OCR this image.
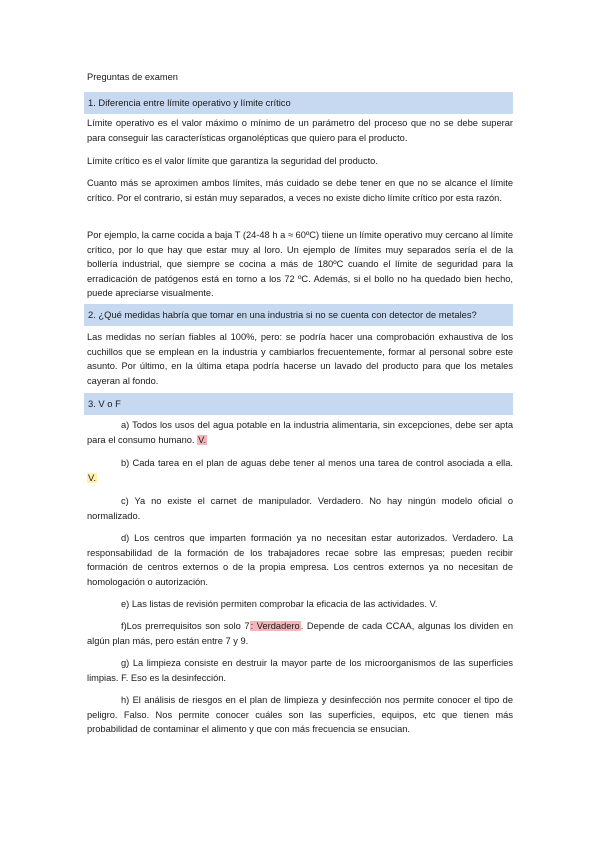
Preguntas de examen
1. Diferencia entre límite operativo y límite crítico

Límite operativo es el valor máximo o mínimo de un parámetro del proceso que no se debe superar para conseguir las características organolépticas que quiero para el producto.

Límite crítico es el valor límite que garantiza la seguridad del producto.

Cuanto más se aproximen ambos límites, más cuidado se debe tener en que no se alcance el límite crítico. Por el contrario, si están muy separados, a veces no existe dicho límite crítico por esta razón.

Por ejemplo, la carne cocida a baja T (24-48 h a ≈ 60ºC) tiiene un límite operativo muy cercano al límite crítico, por lo que hay que estar muy al loro. Un ejemplo de límites muy separados sería el de la bollería industrial, que siempre se cocina a más de 180ºC cuando el límite de seguridad para la erradicación de patógenos está en torno a los 72 ºC. Además, si el bollo no ha quedado bien hecho, puede apreciarse visualmente.

2. ¿Qué medidas habría que tomar en una industria si no se cuenta con detector de metales?

Las medidas no serían fiables al 100%, pero: se podría hacer una comprobación exhaustiva de los cuchillos que se emplean en la industria y cambiarlos frecuentemente, formar al personal sobre este asunto. Por último, en la última etapa podría hacerse un lavado del producto para que los metales cayeran al fondo.

3. V o F

a) Todos los usos del agua potable en la industria alimentaria, sin excepciones, debe ser apta para el consumo humano. V.

b) Cada tarea en el plan de aguas debe tener al menos una tarea de control asociada a ella. V.

c) Ya no existe el carnet de manipulador. Verdadero. No hay ningún modelo oficial o normalizado.

d) Los centros que imparten formación ya no necesitan estar autorizados. Verdadero. La responsabilidad de la formación de los trabajadores recae sobre las empresas; pueden recibir formación de centros externos o de la propia empresa. Los centros externos ya no necesitan de homologación o autorización.

e) Las listas de revisión permiten comprobar la eficacia de las actividades. V.

f)Los prerrequisitos son solo 7: Verdadero. Depende de cada CCAA, algunas los dividen en algún plan más, pero están entre 7 y 9.

g) La limpieza consiste en destruir la mayor parte de los microorganismos de las superficies limpias. F. Eso es la desinfección.

h) El análisis de riesgos en el plan de limpieza y desinfección nos permite conocer el tipo de peligro. Falso. Nos permite conocer cuáles son las superficies, equipos, etc que tienen más probabilidad de contaminar el alimento y que con más frecuencia se ensucian.
